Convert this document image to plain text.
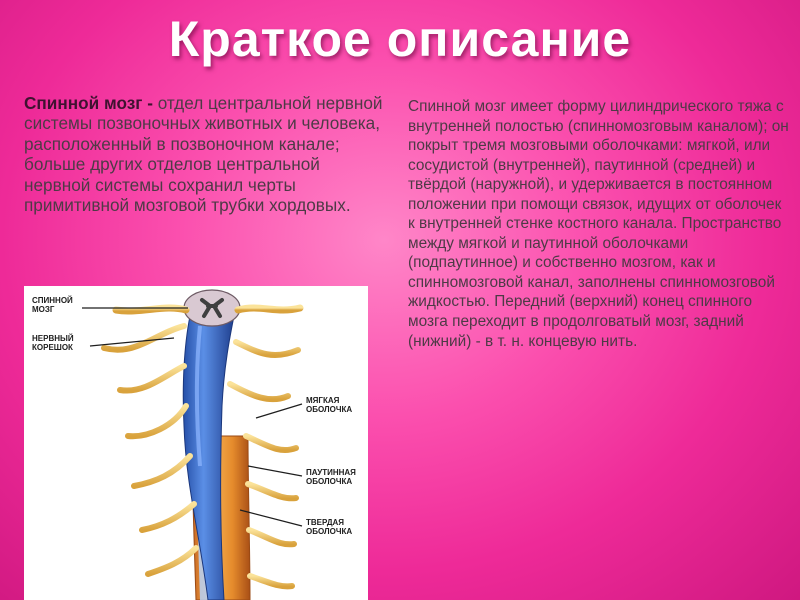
Краткое описание
Спинной мозг - отдел центральной нервной системы позвоночных животных и человека, расположенный в позвоночном канале; больше других отделов центральной нервной системы сохранил черты примитивной мозговой трубки хордовых.
Спинной мозг имеет форму цилиндрического тяжа с внутренней полостью (спинномозговым каналом); он покрыт тремя мозговыми оболочками: мягкой, или сосудистой (внутренней), паутинной (средней) и твёрдой (наружной), и удерживается в постоянном положении при помощи связок, идущих от оболочек к внутренней стенке костного канала. Пространство между мягкой и паутинной оболочками (подпаутинное) и собственно мозгом, как и спинномозговой канал, заполнены спинномозговой жидкостью. Передний (верхний) конец спинного мозга переходит в продолговатый мозг, задний (нижний) - в т. н. концевую нить.
СПИННОЙ
МОЗГ
НЕРВНЫЙ
КОРЕШОК
МЯГКАЯ
ОБОЛОЧКА
ПАУТИННАЯ
ОБОЛОЧКА
ТВЕРДАЯ
ОБОЛОЧКА
